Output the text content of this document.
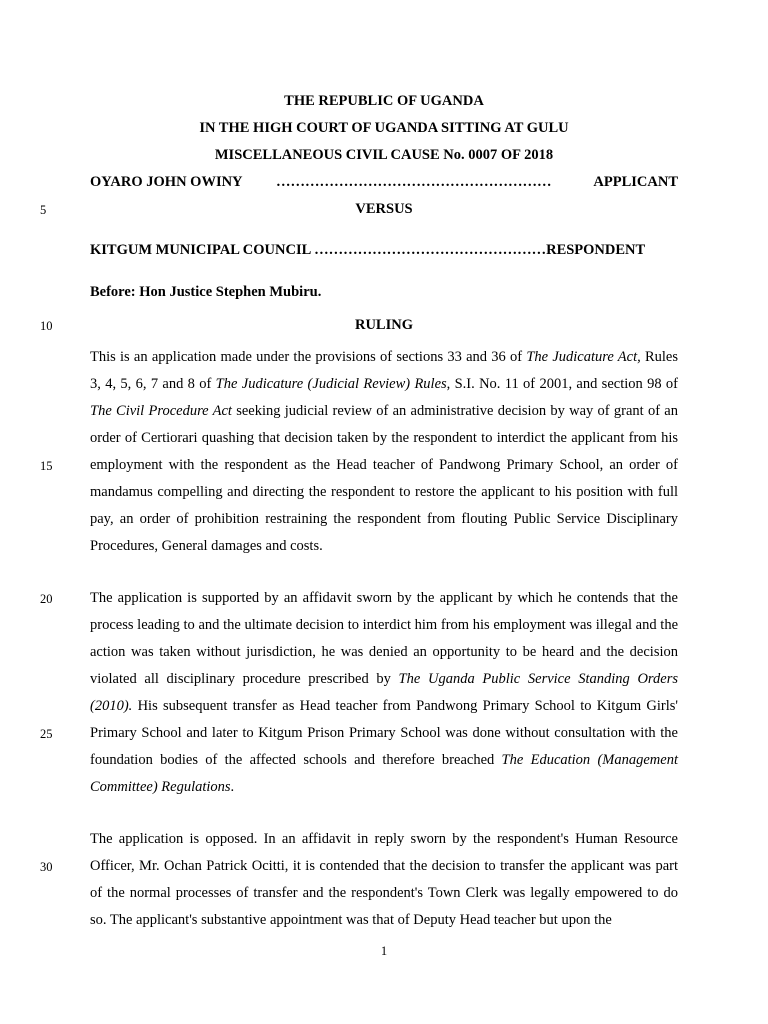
THE REPUBLIC OF UGANDA
IN THE HIGH COURT OF UGANDA SITTING AT GULU
MISCELLANEOUS CIVIL CAUSE No. 0007 OF 2018
OYARO JOHN OWINY …………………………………………………	APPLICANT
5	VERSUS
KITGUM MUNICIPAL COUNCIL …………………………………………RESPONDENT
Before: Hon Justice Stephen Mubiru.
10	RULING
This is an application made under the provisions of sections 33 and 36 of The Judicature Act, Rules 3, 4, 5, 6, 7 and 8 of The Judicature (Judicial Review) Rules, S.I. No. 11 of 2001, and section 98 of The Civil Procedure Act seeking judicial review of an administrative decision by way of grant of an order of Certiorari quashing that decision taken by the respondent to interdict the applicant from his employment with the respondent as the Head teacher of Pandwong Primary School, an order of mandamus compelling and directing the respondent to restore the applicant to his position with full pay, an order of prohibition restraining the respondent from flouting Public Service Disciplinary Procedures, General damages and costs.
15
20	The application is supported by an affidavit sworn by the applicant by which he contends that the process leading to and the ultimate decision to interdict him from his employment was illegal and the action was taken without jurisdiction, he was denied an opportunity to be heard and the decision violated all disciplinary procedure prescribed by The Uganda Public Service Standing Orders (2010). His subsequent transfer as Head teacher from Pandwong Primary School to Kitgum Girls' Primary School and later to Kitgum Prison Primary School was done without consultation with the foundation bodies of the affected schools and therefore breached The Education (Management Committee) Regulations.
25
The application is opposed. In an affidavit in reply sworn by the respondent's Human Resource Officer, Mr. Ochan Patrick Ocitti, it is contended that the decision to transfer the applicant was part of the normal processes of transfer and the respondent's Town Clerk was legally empowered to do so. The applicant's substantive appointment was that of Deputy Head teacher but upon the
30
1
